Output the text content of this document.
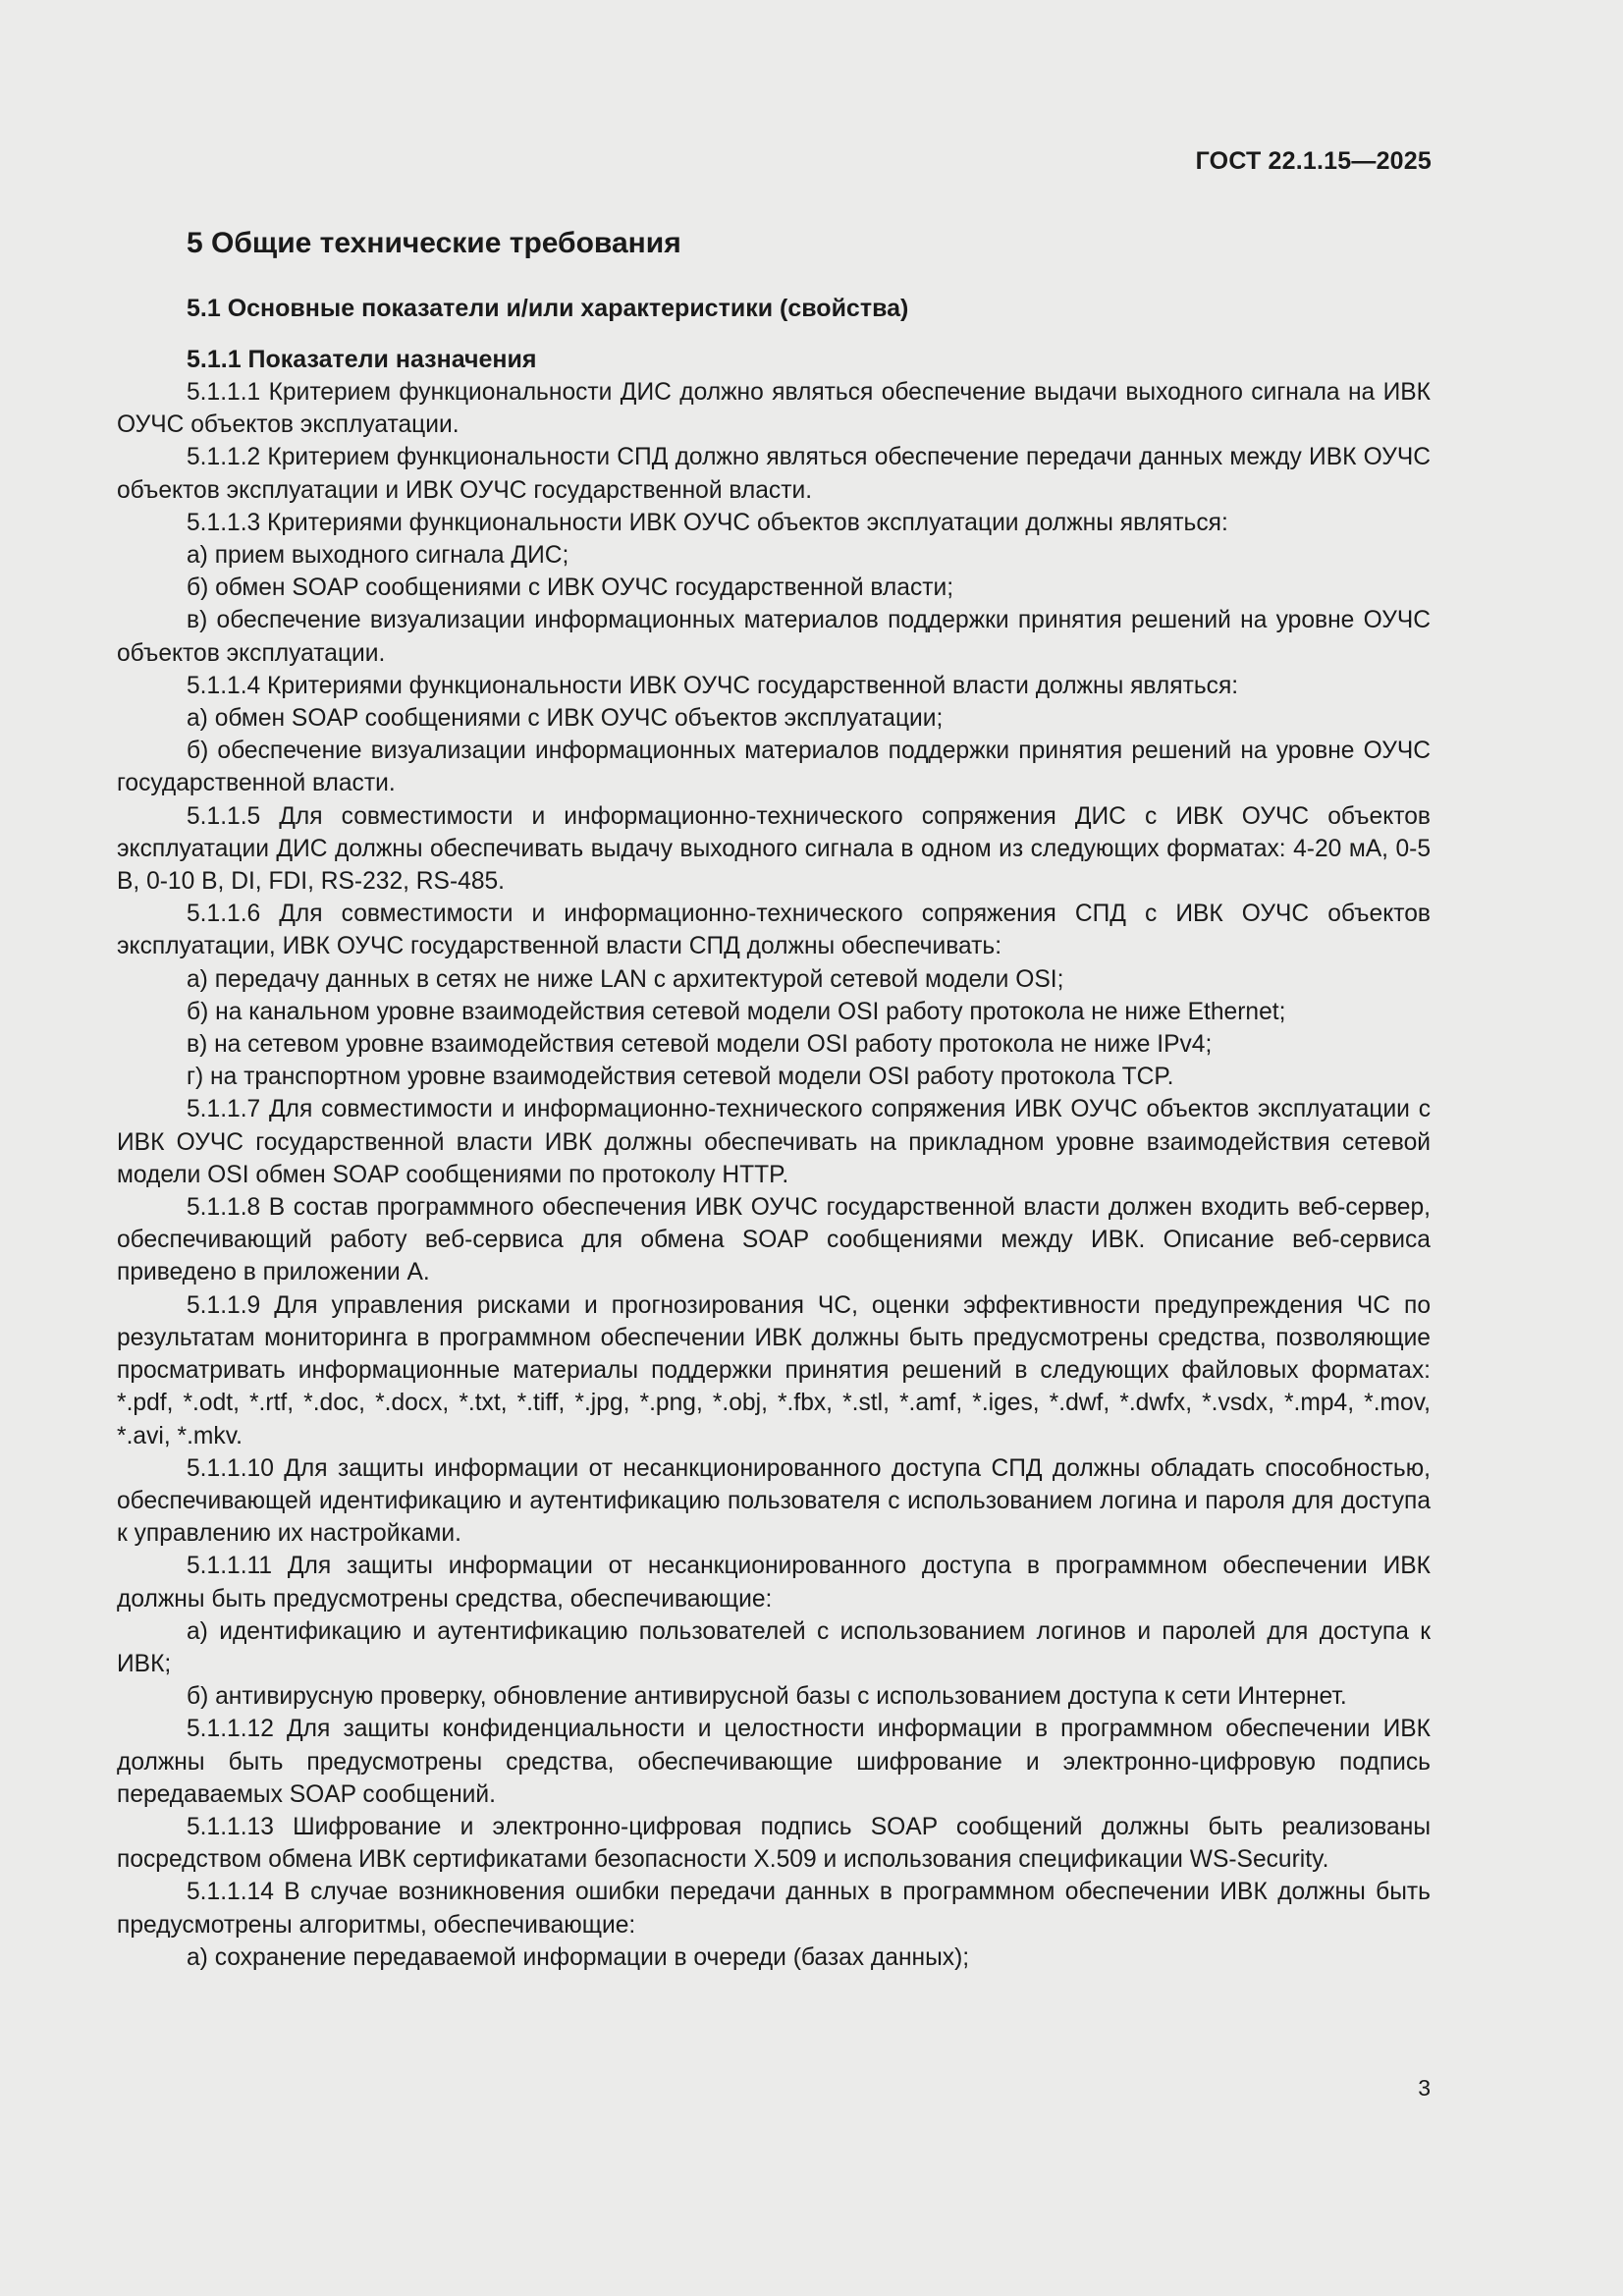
ГОСТ 22.1.15—2025
5 Общие технические требования
5.1 Основные показатели и/или характеристики (свойства)
5.1.1 Показатели назначения

5.1.1.1 Критерием функциональности ДИС должно являться обеспечение выдачи выходного сигнала на ИВК ОУЧС объектов эксплуатации.

5.1.1.2 Критерием функциональности СПД должно являться обеспечение передачи данных между ИВК ОУЧС объектов эксплуатации и ИВК ОУЧС государственной власти.

5.1.1.3 Критериями функциональности ИВК ОУЧС объектов эксплуатации должны являться:

а) прием выходного сигнала ДИС;

б) обмен SOAP сообщениями с ИВК ОУЧС государственной власти;

в) обеспечение визуализации информационных материалов поддержки принятия решений на уровне ОУЧС объектов эксплуатации.

5.1.1.4 Критериями функциональности ИВК ОУЧС государственной власти должны являться:

а) обмен SOAP сообщениями с ИВК ОУЧС объектов эксплуатации;

б) обеспечение визуализации информационных материалов поддержки принятия решений на уровне ОУЧС государственной власти.

5.1.1.5 Для совместимости и информационно-технического сопряжения ДИС с ИВК ОУЧС объектов эксплуатации ДИС должны обеспечивать выдачу выходного сигнала в одном из следующих форматах: 4-20 мА, 0-5 В, 0-10 В, DI, FDI, RS-232, RS-485.

5.1.1.6 Для совместимости и информационно-технического сопряжения СПД с ИВК ОУЧС объектов эксплуатации, ИВК ОУЧС государственной власти СПД должны обеспечивать:

а) передачу данных в сетях не ниже LAN с архитектурой сетевой модели OSI;

б) на канальном уровне взаимодействия сетевой модели OSI работу протокола не ниже Ethernet;

в) на сетевом уровне взаимодействия сетевой модели OSI работу протокола не ниже IPv4;

г) на транспортном уровне взаимодействия сетевой модели OSI работу протокола TCP.

5.1.1.7 Для совместимости и информационно-технического сопряжения ИВК ОУЧС объектов эксплуатации с ИВК ОУЧС государственной власти ИВК должны обеспечивать на прикладном уровне взаимодействия сетевой модели OSI обмен SOAP сообщениями по протоколу HTTP.

5.1.1.8 В состав программного обеспечения ИВК ОУЧС государственной власти должен входить веб-сервер, обеспечивающий работу веб-сервиса для обмена SOAP сообщениями между ИВК. Описание веб-сервиса приведено в приложении А.

5.1.1.9 Для управления рисками и прогнозирования ЧС, оценки эффективности предупреждения ЧС по результатам мониторинга в программном обеспечении ИВК должны быть предусмотрены средства, позволяющие просматривать информационные материалы поддержки принятия решений в следующих файловых форматах: *.pdf, *.odt, *.rtf, *.doc, *.docx, *.txt, *.tiff, *.jpg, *.png, *.obj, *.fbx, *.stl, *.amf, *.iges, *.dwf, *.dwfx, *.vsdx, *.mp4, *.mov, *.avi, *.mkv.

5.1.1.10 Для защиты информации от несанкционированного доступа СПД должны обладать способностью, обеспечивающей идентификацию и аутентификацию пользователя с использованием логина и пароля для доступа к управлению их настройками.

5.1.1.11 Для защиты информации от несанкционированного доступа в программном обеспечении ИВК должны быть предусмотрены средства, обеспечивающие:

а) идентификацию и аутентификацию пользователей с использованием логинов и паролей для доступа к ИВК;

б) антивирусную проверку, обновление антивирусной базы с использованием доступа к сети Интернет.

5.1.1.12 Для защиты конфиденциальности и целостности информации в программном обеспечении ИВК должны быть предусмотрены средства, обеспечивающие шифрование и электронно-цифровую подпись передаваемых SOAP сообщений.

5.1.1.13 Шифрование и электронно-цифровая подпись SOAP сообщений должны быть реализованы посредством обмена ИВК сертификатами безопасности X.509 и использования спецификации WS-Security.

5.1.1.14 В случае возникновения ошибки передачи данных в программном обеспечении ИВК должны быть предусмотрены алгоритмы, обеспечивающие:

а) сохранение передаваемой информации в очереди (базах данных);

3
